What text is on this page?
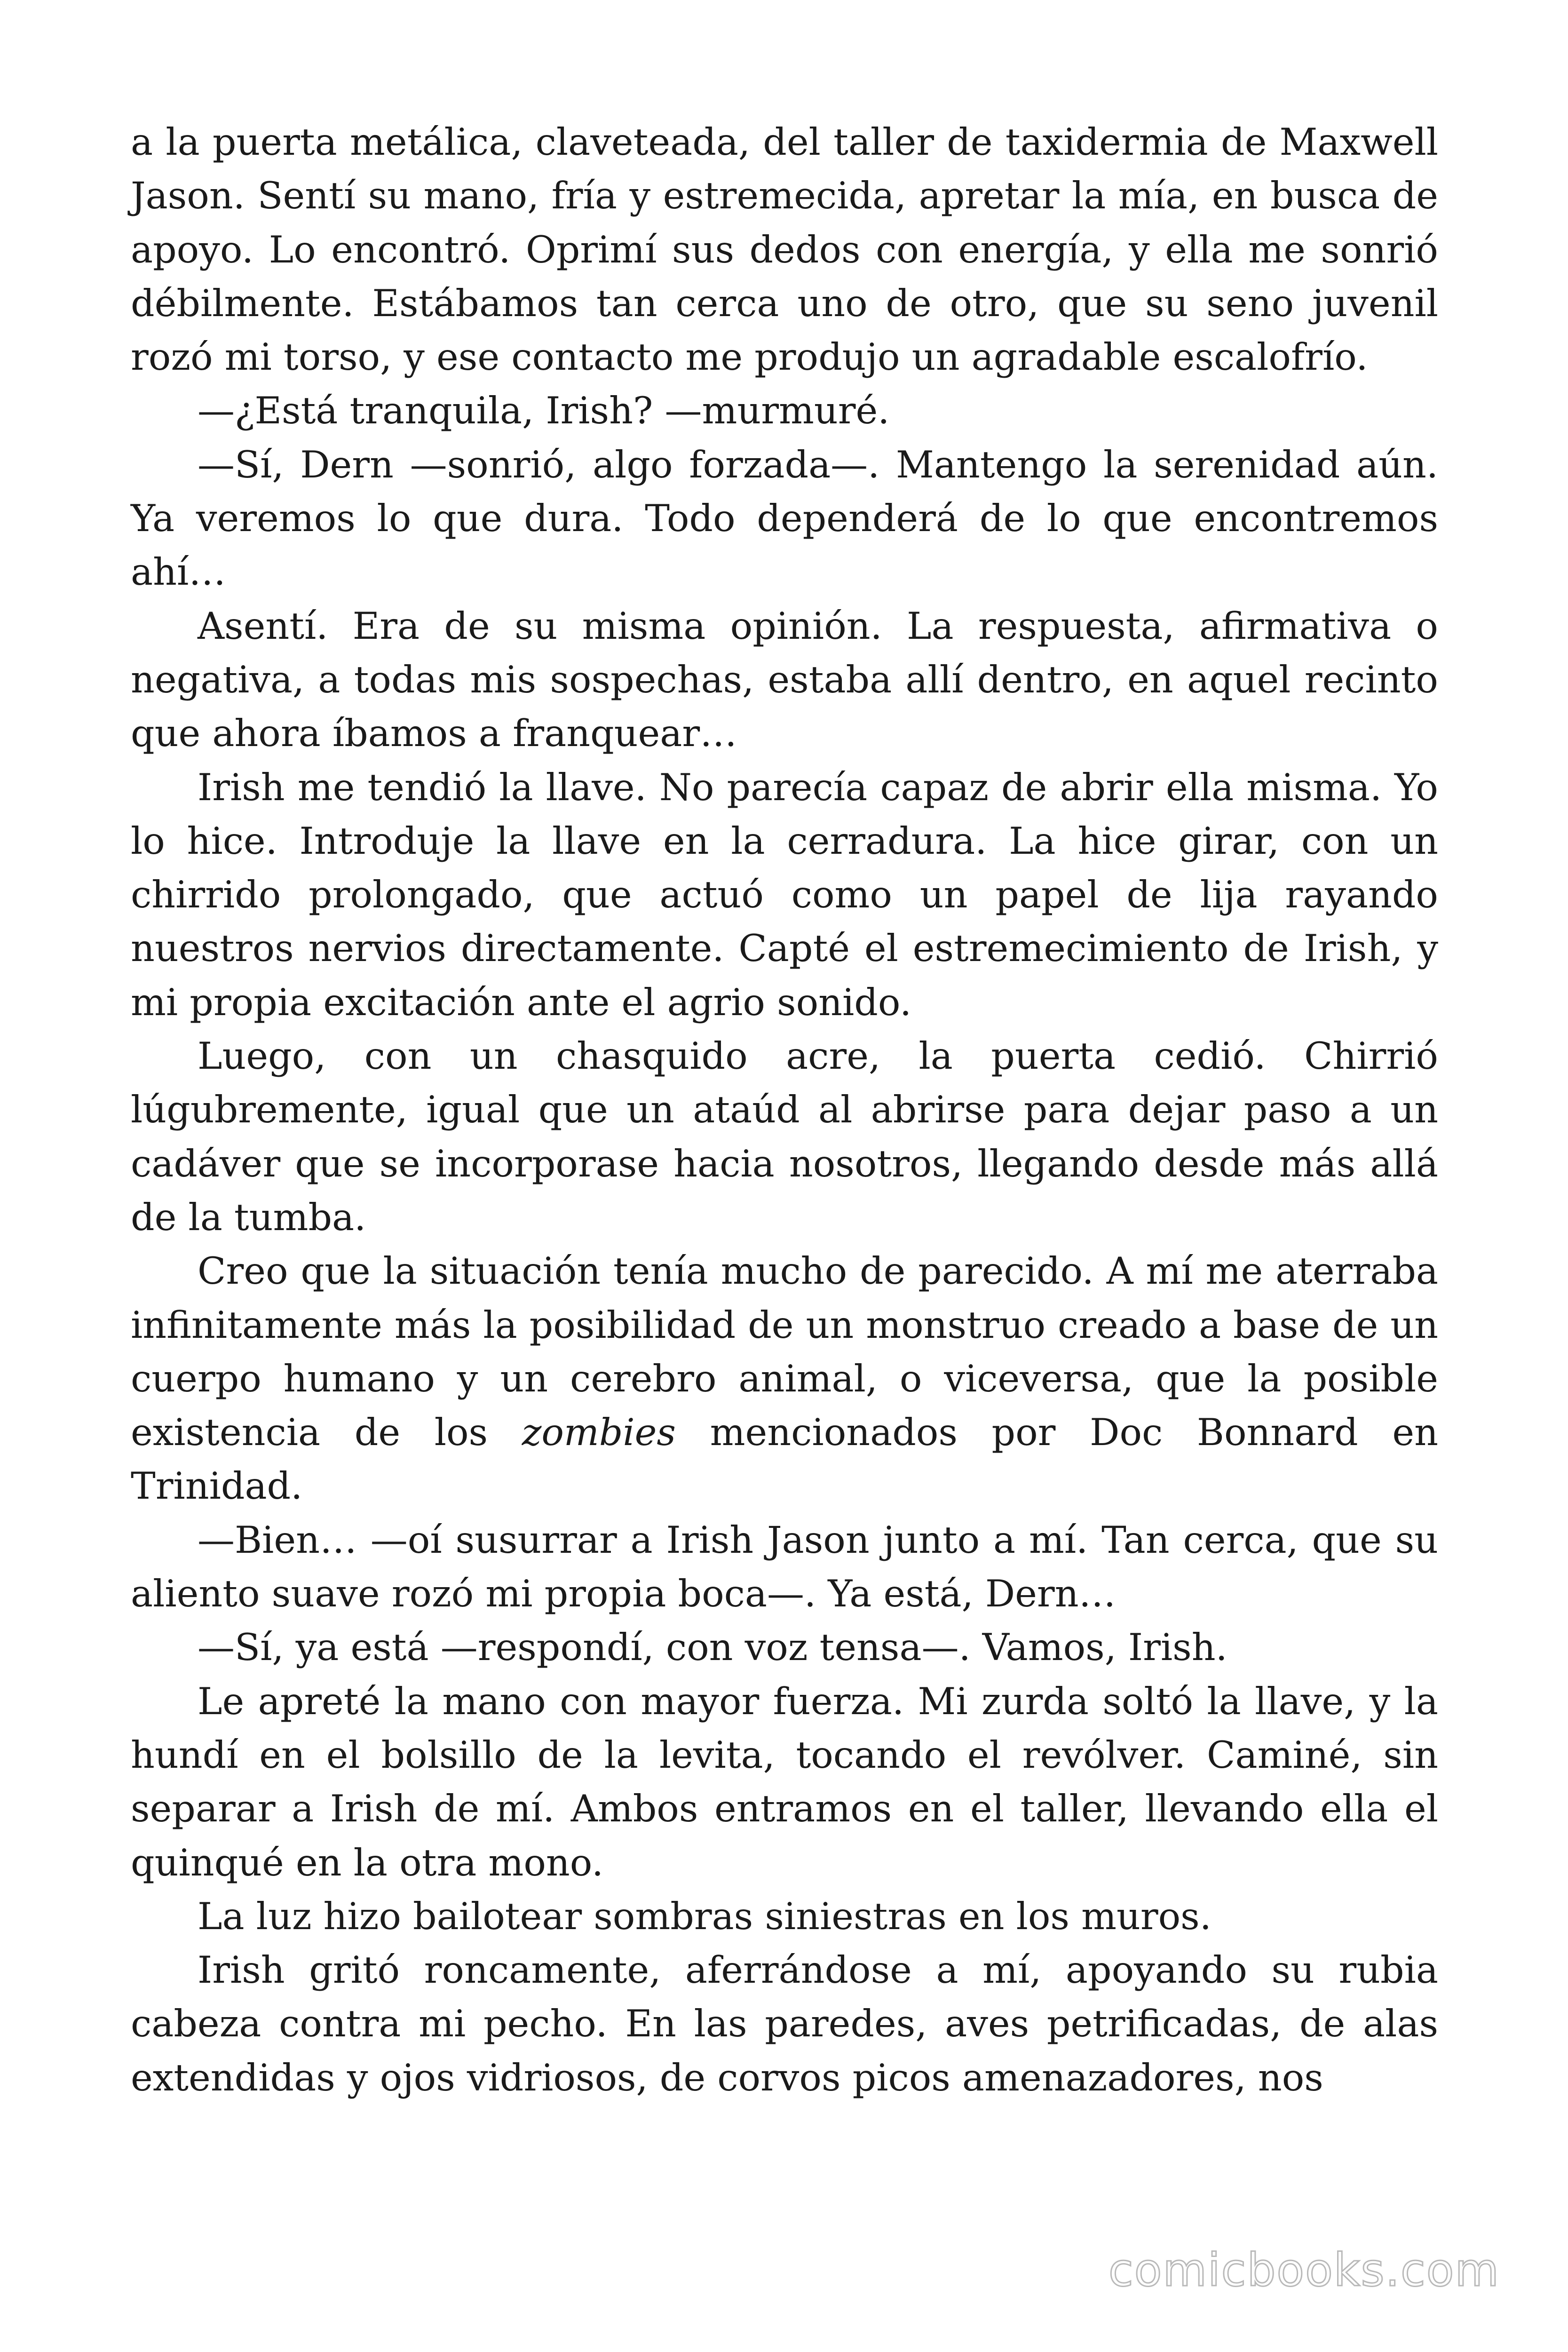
a la puerta metálica, claveteada, del taller de taxidermia de Maxwell Jason. Sentí su mano, fría y estremecida, apretar la mía, en busca de apoyo. Lo encontró. Oprimí sus dedos con energía, y ella me sonrió débilmente. Estábamos tan cerca uno de otro, que su seno juvenil rozó mi torso, y ese contacto me produjo un agradable escalofrío.

—¿Está tranquila, Irish? —murmuré.

—Sí, Dern —sonrió, algo forzada—. Mantengo la serenidad aún. Ya veremos lo que dura. Todo dependerá de lo que encontremos ahí…

Asentí. Era de su misma opinión. La respuesta, afirmativa o negativa, a todas mis sospechas, estaba allí dentro, en aquel recinto que ahora íbamos a franquear…

Irish me tendió la llave. No parecía capaz de abrir ella misma. Yo lo hice. Introduje la llave en la cerradura. La hice girar, con un chirrido prolongado, que actuó como un papel de lija rayando nuestros nervios directamente. Capté el estremecimiento de Irish, y mi propia excitación ante el agrio sonido.

Luego, con un chasquido acre, la puerta cedió. Chirrió lúgubremente, igual que un ataúd al abrirse para dejar paso a un cadáver que se incorporase hacia nosotros, llegando desde más allá de la tumba.

Creo que la situación tenía mucho de parecido. A mí me aterraba infinitamente más la posibilidad de un monstruo creado a base de un cuerpo humano y un cerebro animal, o viceversa, que la posible existencia de los zombies mencionados por Doc Bonnard en Trinidad.

—Bien… —oí susurrar a Irish Jason junto a mí. Tan cerca, que su aliento suave rozó mi propia boca—. Ya está, Dern…

—Sí, ya está —respondí, con voz tensa—. Vamos, Irish.

Le apreté la mano con mayor fuerza. Mi zurda soltó la llave, y la hundí en el bolsillo de la levita, tocando el revólver. Caminé, sin separar a Irish de mí. Ambos entramos en el taller, llevando ella el quinqué en la otra mono.

La luz hizo bailotear sombras siniestras en los muros.

Irish gritó roncamente, aferrándose a mí, apoyando su rubia cabeza contra mi pecho. En las paredes, aves petrificadas, de alas extendidas y ojos vidriosos, de corvos picos amenazadores, nos

comicbooks.com
